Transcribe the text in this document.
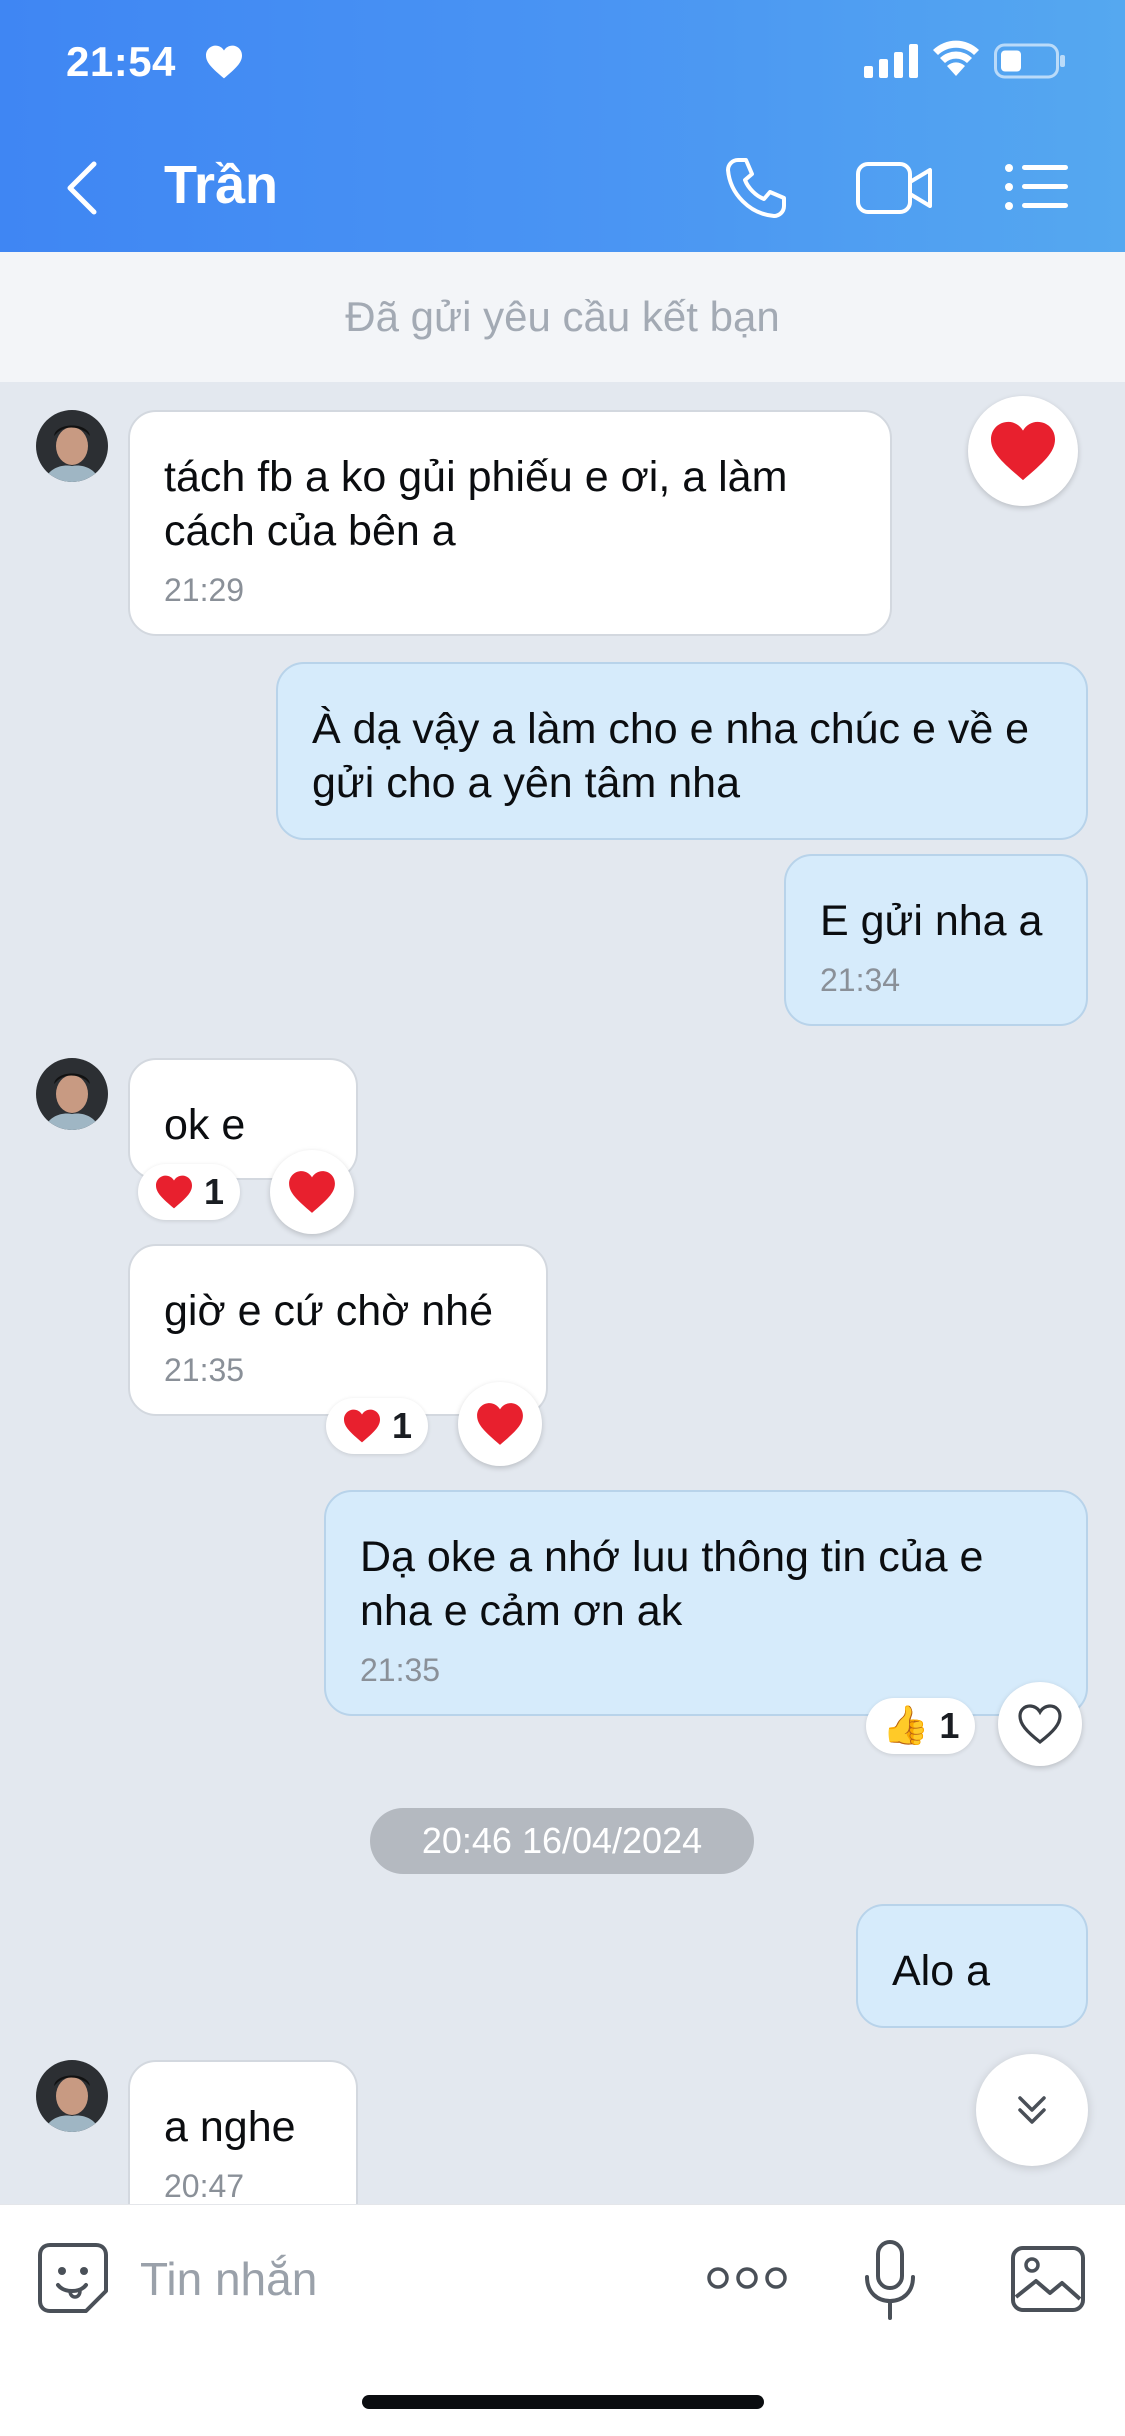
21:54
Trần
Đã gửi yêu cầu kết bạn
tách fb a ko gủi phiếu e ơi, a làm cách của bên a
21:29
À dạ vậy a làm cho e nha chúc e về e gửi cho a yên tâm nha
E gửi nha a
21:34
ok e
1
giờ e cứ chờ nhé
21:35
1
Dạ oke a nhớ luu thông tin của e nha e cảm ơn ak
21:35
👍 1
20:46 16/04/2024
Alo a
a nghe
20:47
Tin nhắn
